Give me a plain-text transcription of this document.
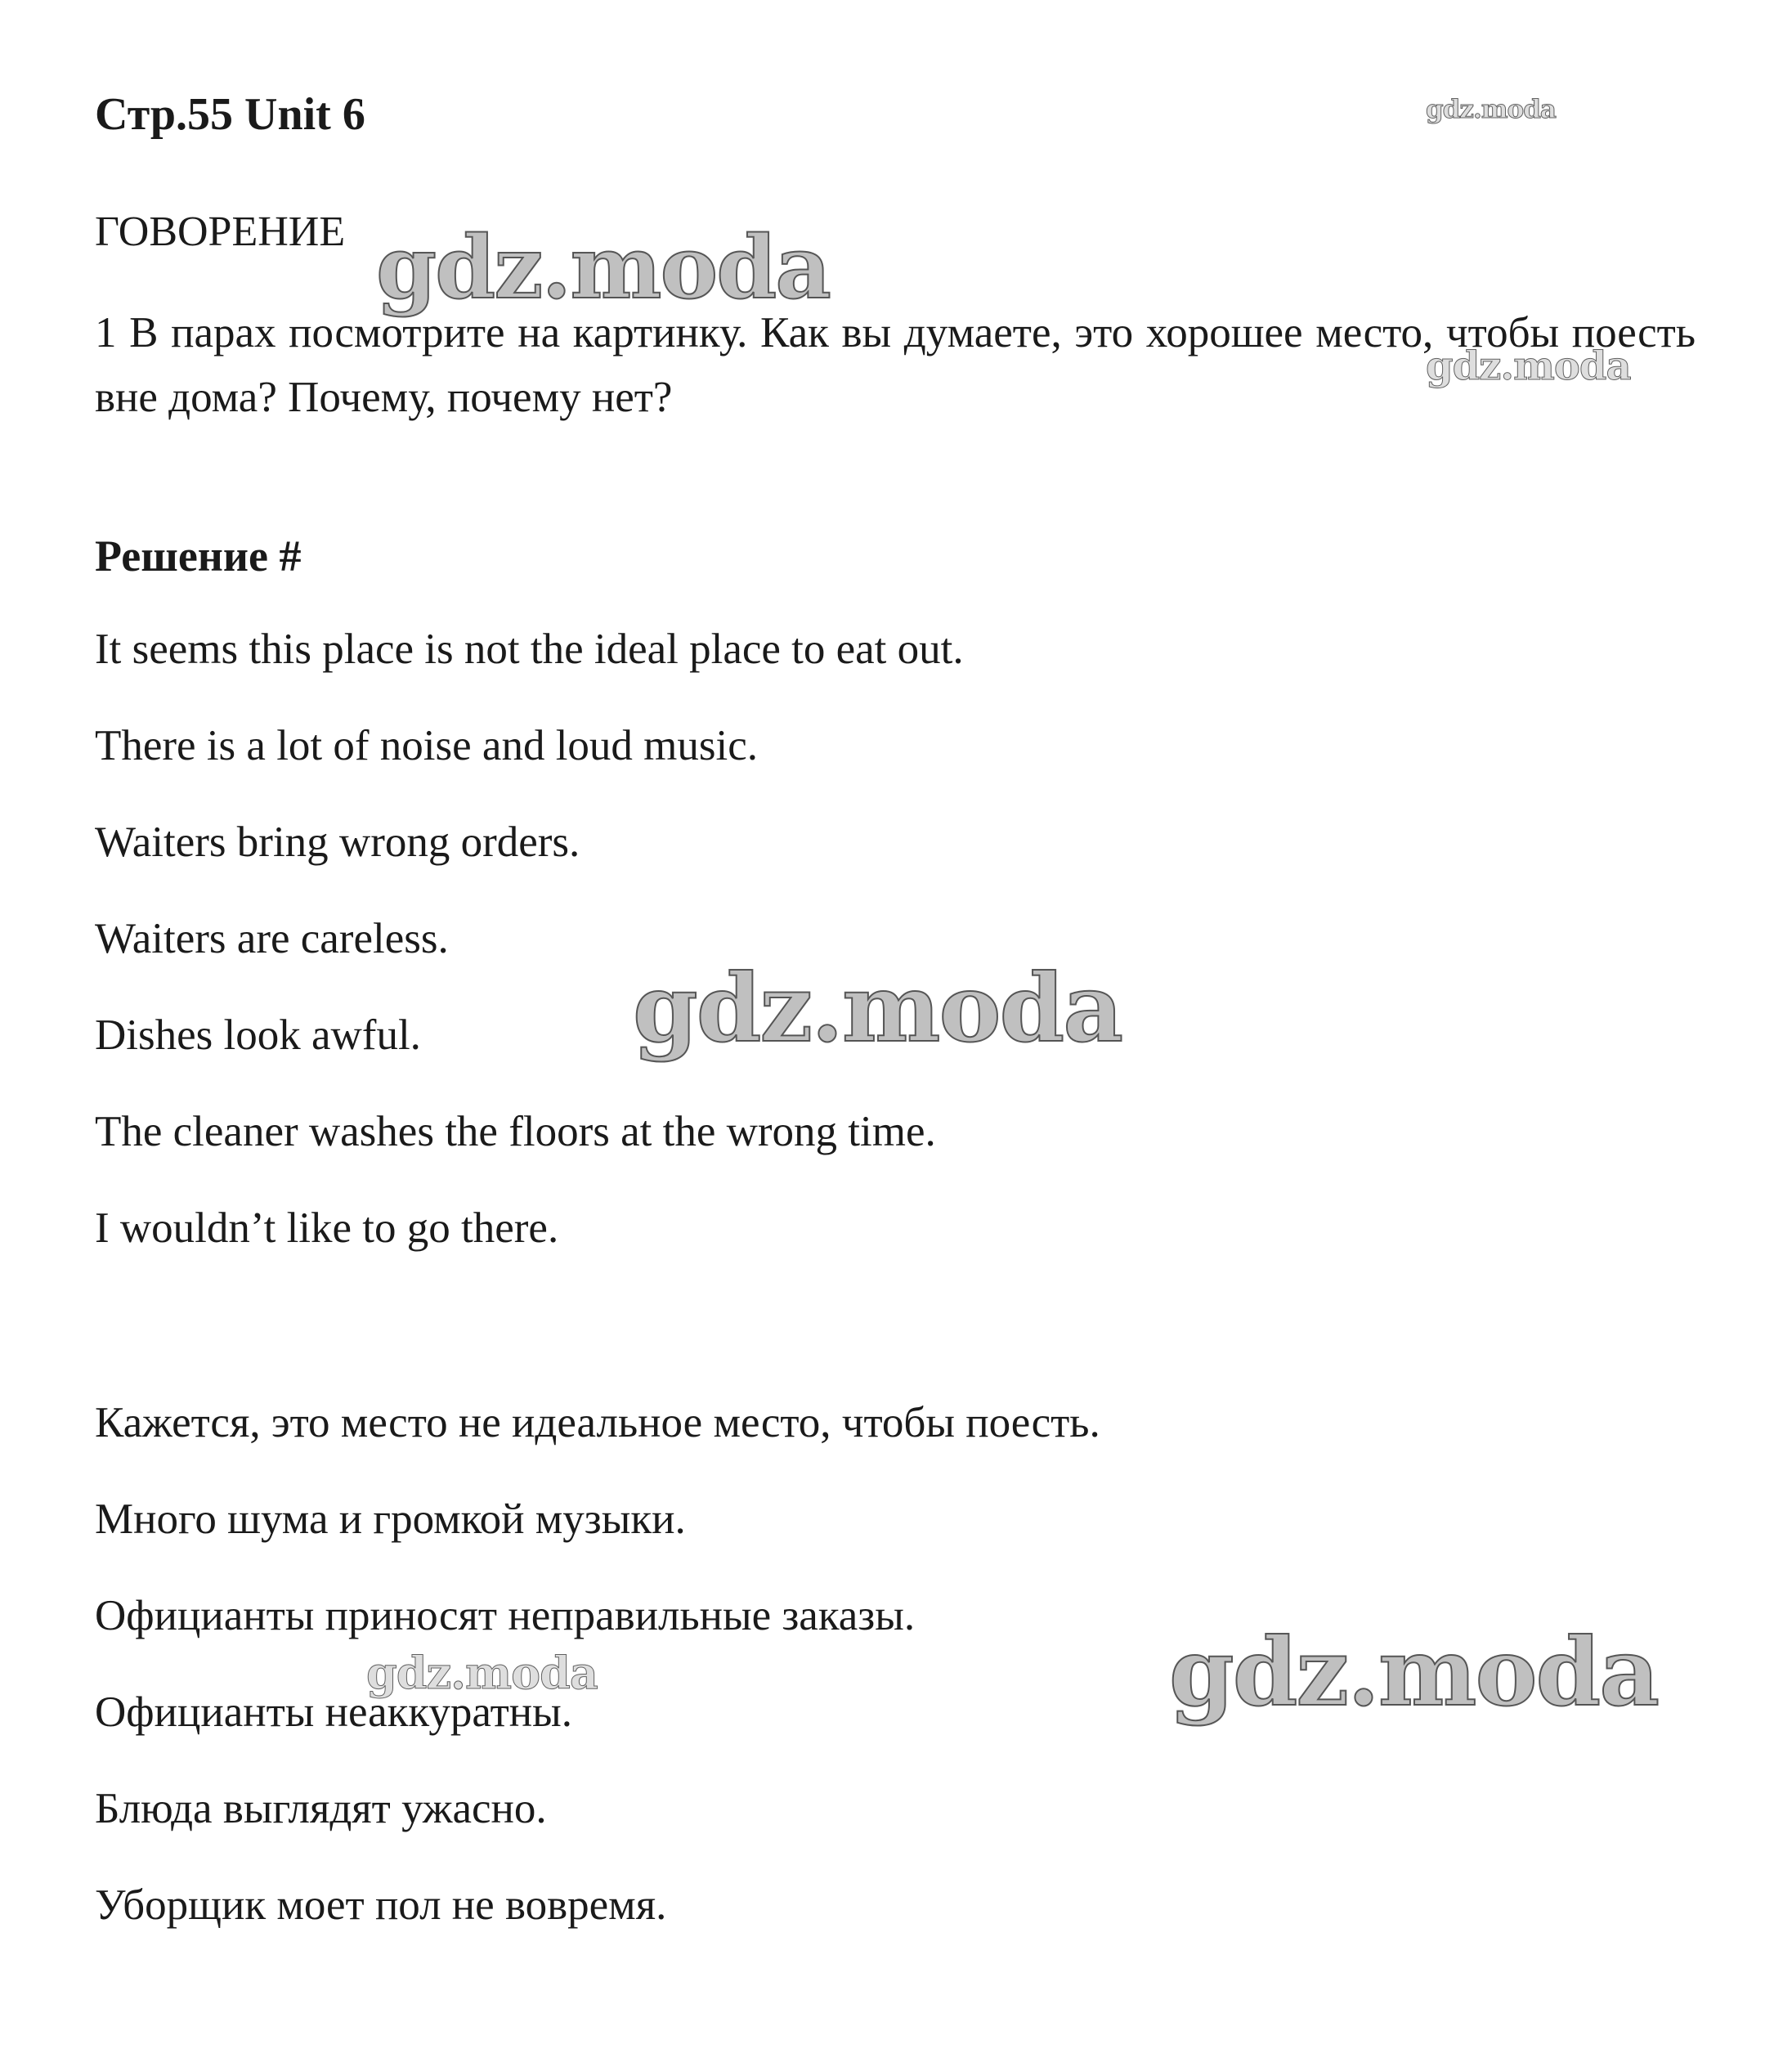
Стр.55 Unit 6
ГОВОРЕНИЕ

1 В парах посмотрите на картинку. Как вы думаете, это хорошее место, чтобы поесть вне дома? Почему, почему нет?

Решение #
It seems this place is not the ideal place to eat out.
There is a lot of noise and loud music.
Waiters bring wrong orders.
Waiters are careless.
Dishes look awful.
The cleaner washes the floors at the wrong time.
I wouldn’t like to go there.
Кажется, это место не идеальное место, чтобы поесть.
Много шума и громкой музыки.
Официанты приносят неправильные заказы.
Официанты неаккуратны.
Блюда выглядят ужасно.
Уборщик моет пол не вовремя.
gdz.moda
gdz.moda
gdz.moda
gdz.moda
gdz.moda	gdz.moda
